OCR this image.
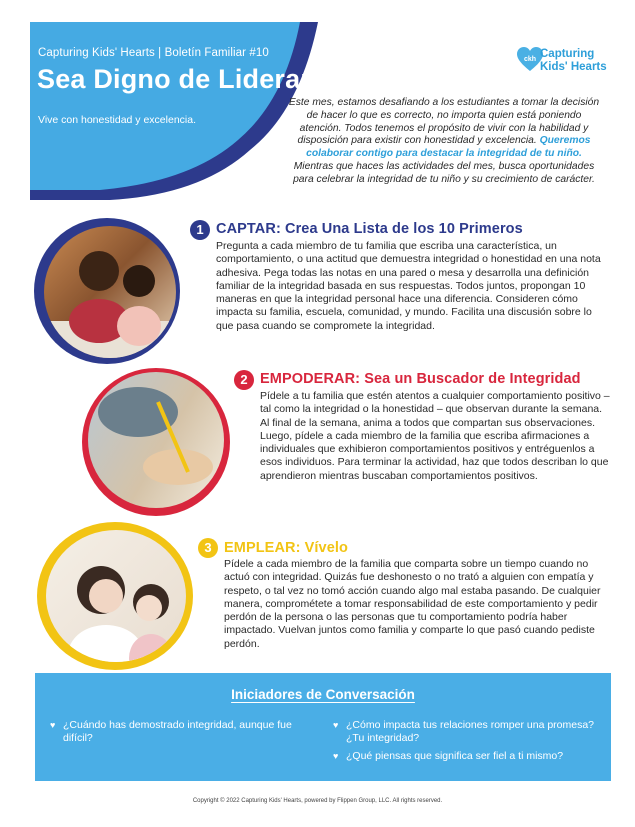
Capturing Kids' Hearts | Boletín Familiar #10
Sea Digno de Liderar
Vive con honestidad y excelencia.
ckh Capturing
Kids' Hearts
Este mes, estamos desafiando a los estudiantes a tomar la decisión de hacer lo que es correcto, no importa quien está poniendo atención. Todos tenemos el propósito de vivir con la habilidad y disposición para existir con honestidad y excelencia. Queremos colaborar contigo para destacar la integridad de tu niño. Mientras que haces las actividades del mes, busca oportunidades para celebrar la integridad de tu niño y su crecimiento de carácter.
1 CAPTAR: Crea Una Lista de los 10 Primeros
Pregunta a cada miembro de tu familia que escriba una característica, un comportamiento, o una actitud que demuestra integridad o honestidad en una nota adhesiva. Pega todas las notas en una pared o mesa y desarrolla una definición familiar de la integridad basada en sus respuestas. Todos juntos, propongan 10 maneras en que la integridad personal hace una diferencia. Consideren cómo impacta su familia, escuela, comunidad, y mundo. Facilita una discusión sobre lo que pasa cuando se compromete la integridad.
2 EMPODERAR: Sea un Buscador de Integridad
Pídele a tu familia que estén atentos a cualquier comportamiento positivo – tal como la integridad o la honestidad – que observan durante la semana. Al final de la semana, anima a todos que compartan sus observaciones. Luego, pídele a cada miembro de la familia que escriba afirmaciones a individuales que exhibieron comportamientos positivos y entréguenlos a esos individuos. Para terminar la actividad, haz que todos describan lo que aprendieron mientras buscaban comportamientos positivos.
3 EMPLEAR: Vívelo
Pídele a cada miembro de la familia que comparta sobre un tiempo cuando no actuó con integridad. Quizás fue deshonesto o no trató a alguien con empatía y respeto, o tal vez no tomó acción cuando algo mal estaba pasando. De cualquier manera, comprométete a tomar responsabilidad de este comportamiento y pedir perdón de la persona o las personas que tu comportamiento podría haber impactado. Vuelvan juntos como familia y comparte lo que pasó cuando pediste perdón.
Iniciadores de Conversación
♥ ¿Cuándo has demostrado integridad, aunque fue difícil?
♥ ¿Cómo impacta tus relaciones romper una promesa? ¿Tu integridad?
♥ ¿Qué piensas que significa ser fiel a ti mismo?
Copyright © 2022 Capturing Kids' Hearts, powered by Flippen Group, LLC. All rights reserved.
